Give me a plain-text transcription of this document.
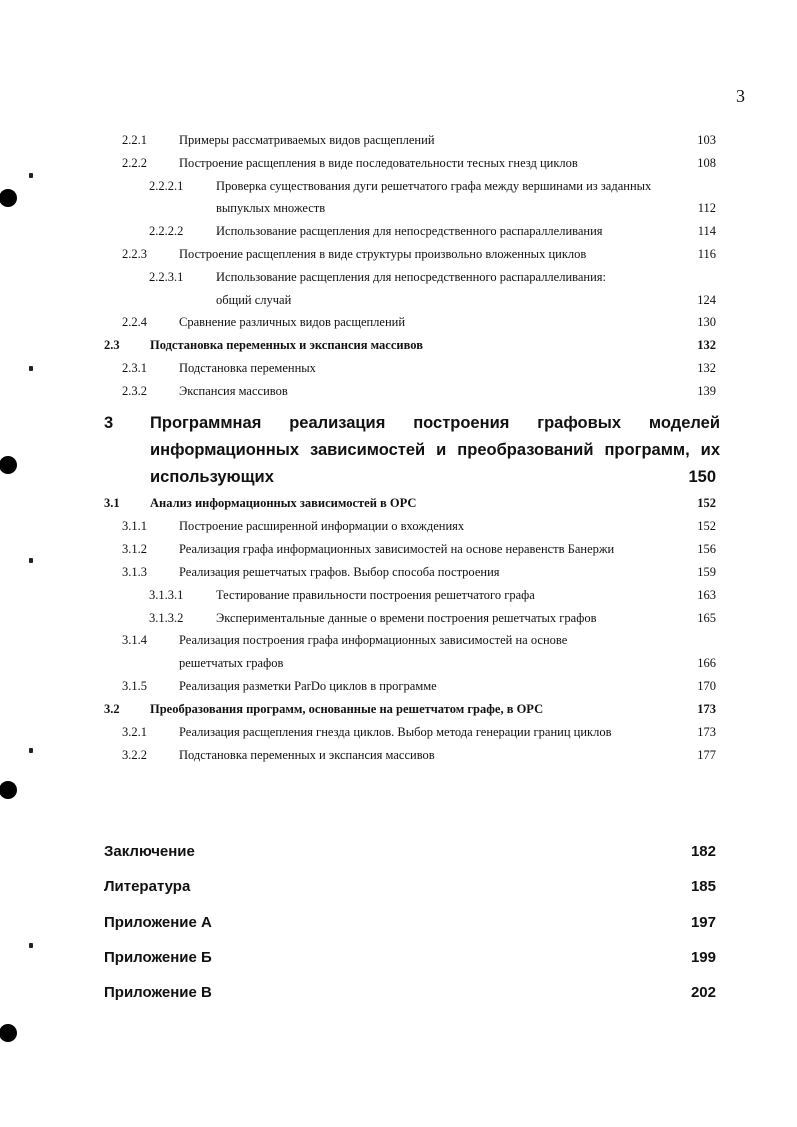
3
2.2.1	Примеры рассматриваемых видов расщеплений	103
2.2.2	Построение расщепления в виде последовательности тесных гнезд циклов	108
2.2.2.1	Проверка существования дуги решетчатого графа между вершинами из заданных
выпуклых множеств	112
2.2.2.2	Использование расщепления для непосредственного распараллеливания	114
2.2.3	Построение расщепления в виде структуры произвольно вложенных циклов	116
2.2.3.1	Использование расщепления для непосредственного распараллеливания:
общий случай	124
2.2.4	Сравнение различных видов расщеплений	130
2.3 Подстановка переменных и экспансия массивов	132
2.3.1	Подстановка переменных	132
2.3.2	Экспансия массивов	139
3 Программная реализация построения графовых моделей
информационных зависимостей и преобразований программ, их
использующих	150
3.1 Анализ информационных зависимостей в ОРС	152
3.1.1	Построение расширенной информации о вхождениях	152
3.1.2	Реализация графа информационных зависимостей на основе неравенств Банержи	156
3.1.3	Реализация решетчатых графов. Выбор способа построения	159
3.1.3.1	Тестирование правильности построения решетчатого графа	163
3.1.3.2	Экспериментальные данные о времени построения решетчатых графов	165
3.1.4	Реализация построения графа информационных зависимостей на основе
решетчатых графов	166
3.1.5	Реализация разметки ParDo циклов в программе	170
3.2 Преобразования программ, основанные на решетчатом графе, в ОРС	173
3.2.1	Реализация расщепления гнезда циклов. Выбор метода генерации границ циклов	173
3.2.2	Подстановка переменных и экспансия массивов	177
Заключение	182
Литература	185
Приложение А	197
Приложение Б	199
Приложение В	202
